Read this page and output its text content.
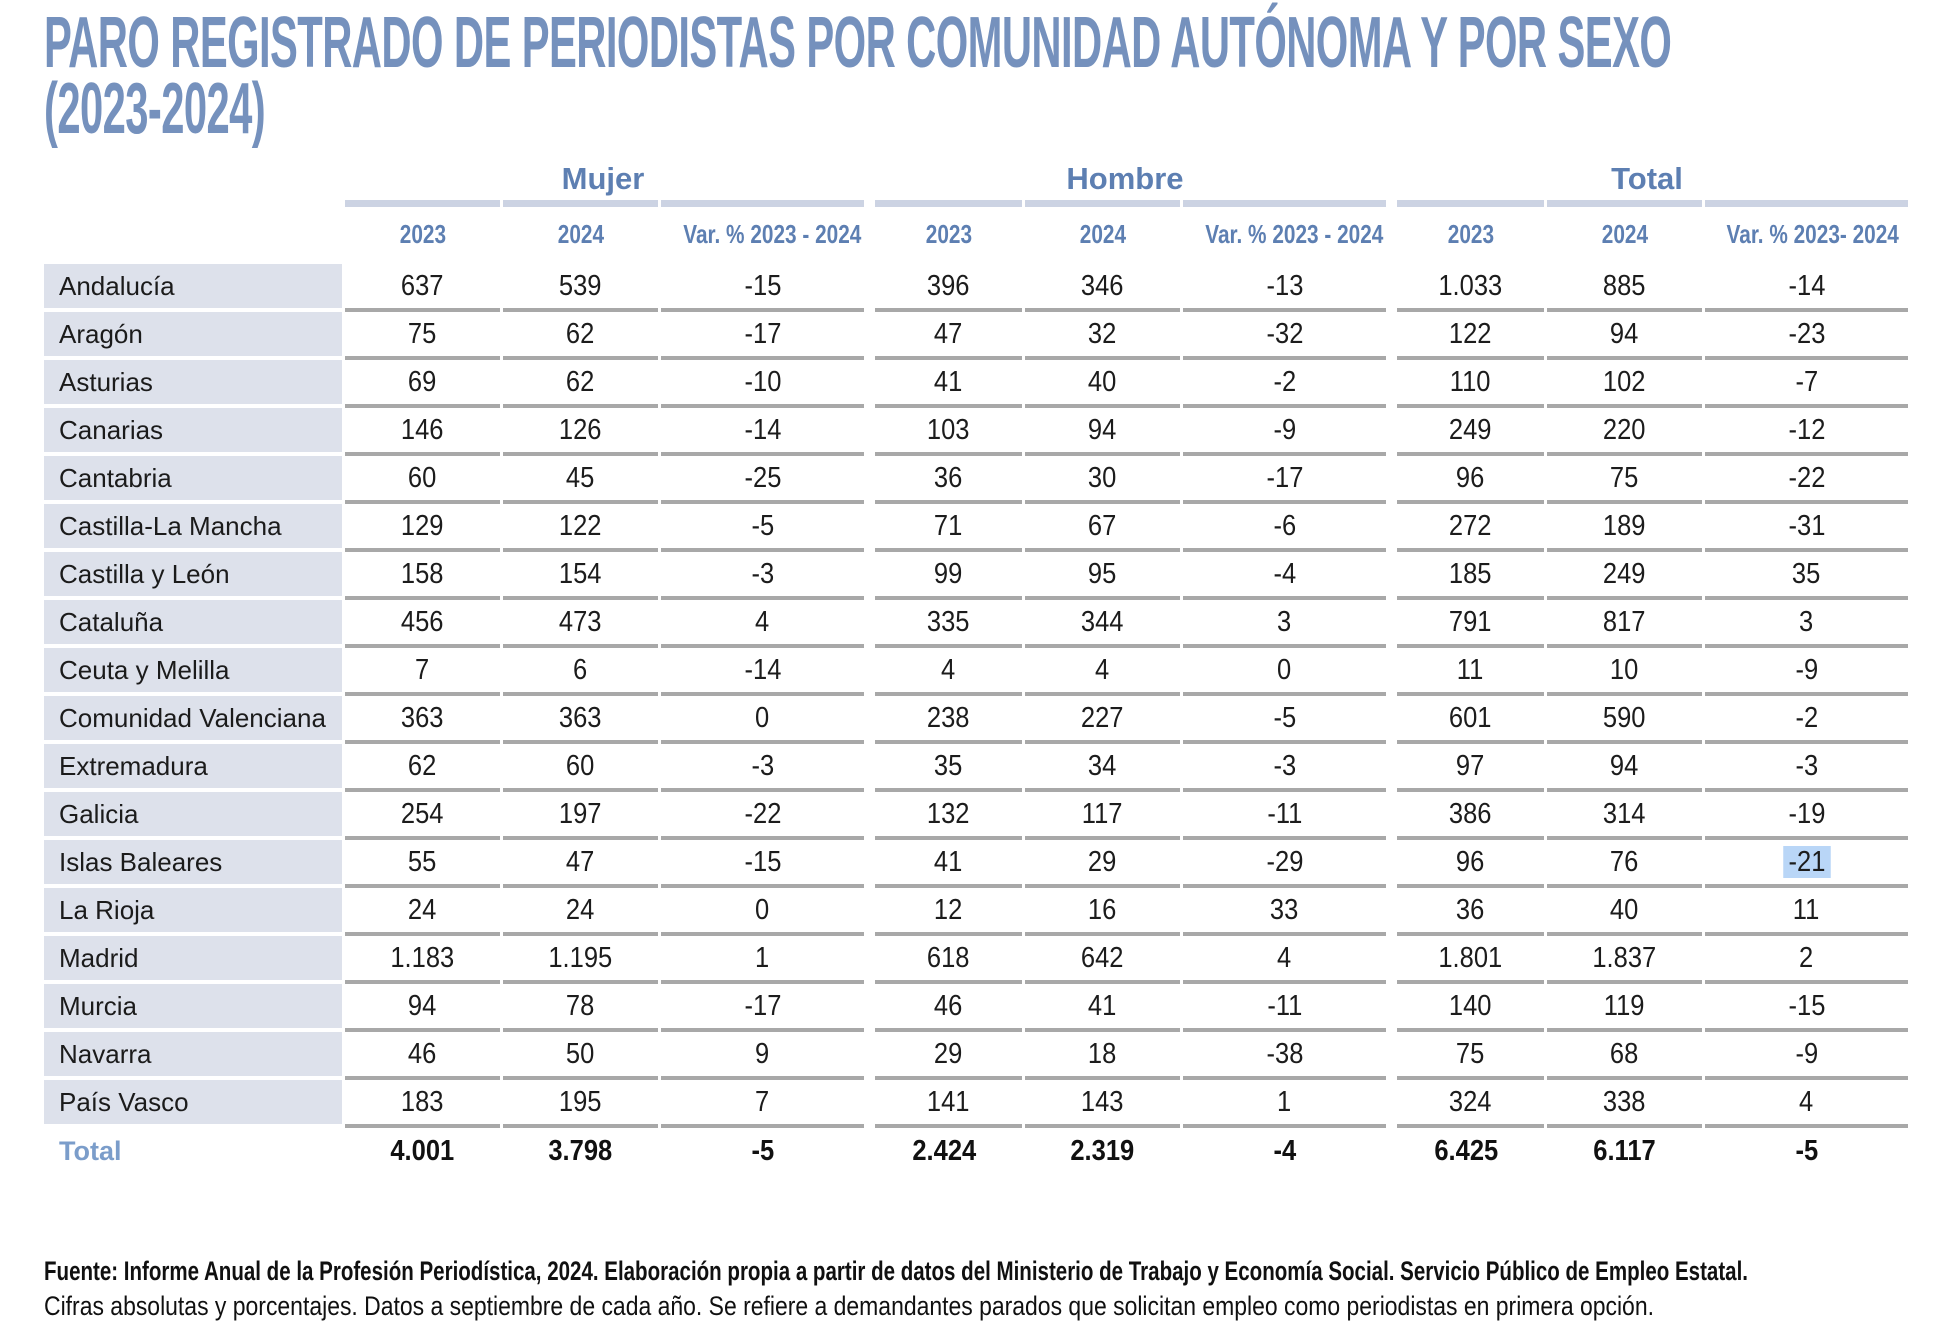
PARO REGISTRADO DE PERIODISTAS POR COMUNIDAD AUTÓNOMA Y POR SEXO
(2023-2024)
Mujer	Hombre	Total
2023	2024	Var. % 2023 - 2024	2023	2024	Var. % 2023 - 2024	2023	2024	Var. % 2023- 2024
Andalucía	637	539	-15	396	346	-13	1.033	885	-14
Aragón	75	62	-17	47	32	-32	122	94	-23
Asturias	69	62	-10	41	40	-2	110	102	-7
Canarias	146	126	-14	103	94	-9	249	220	-12
Cantabria	60	45	-25	36	30	-17	96	75	-22
Castilla-La Mancha	129	122	-5	71	67	-6	272	189	-31
Castilla y León	158	154	-3	99	95	-4	185	249	35
Cataluña	456	473	4	335	344	3	791	817	3
Ceuta y Melilla	7	6	-14	4	4	0	11	10	-9
Comunidad Valenciana	363	363	0	238	227	-5	601	590	-2
Extremadura	62	60	-3	35	34	-3	97	94	-3
Galicia	254	197	-22	132	117	-11	386	314	-19
Islas Baleares	55	47	-15	41	29	-29	96	76	-21
La Rioja	24	24	0	12	16	33	36	40	11
Madrid	1.183	1.195	1	618	642	4	1.801	1.837	2
Murcia	94	78	-17	46	41	-11	140	119	-15
Navarra	46	50	9	29	18	-38	75	68	-9
País Vasco	183	195	7	141	143	1	324	338	4
Total	4.001	3.798	-5	2.424	2.319	-4	6.425	6.117	-5
Fuente: Informe Anual de la Profesión Periodística, 2024. Elaboración propia a partir de datos del Ministerio de Trabajo y Economía Social. Servicio Público de Empleo Estatal.
Cifras absolutas y porcentajes. Datos a septiembre de cada año. Se refiere a demandantes parados que solicitan empleo como periodistas en primera opción.
